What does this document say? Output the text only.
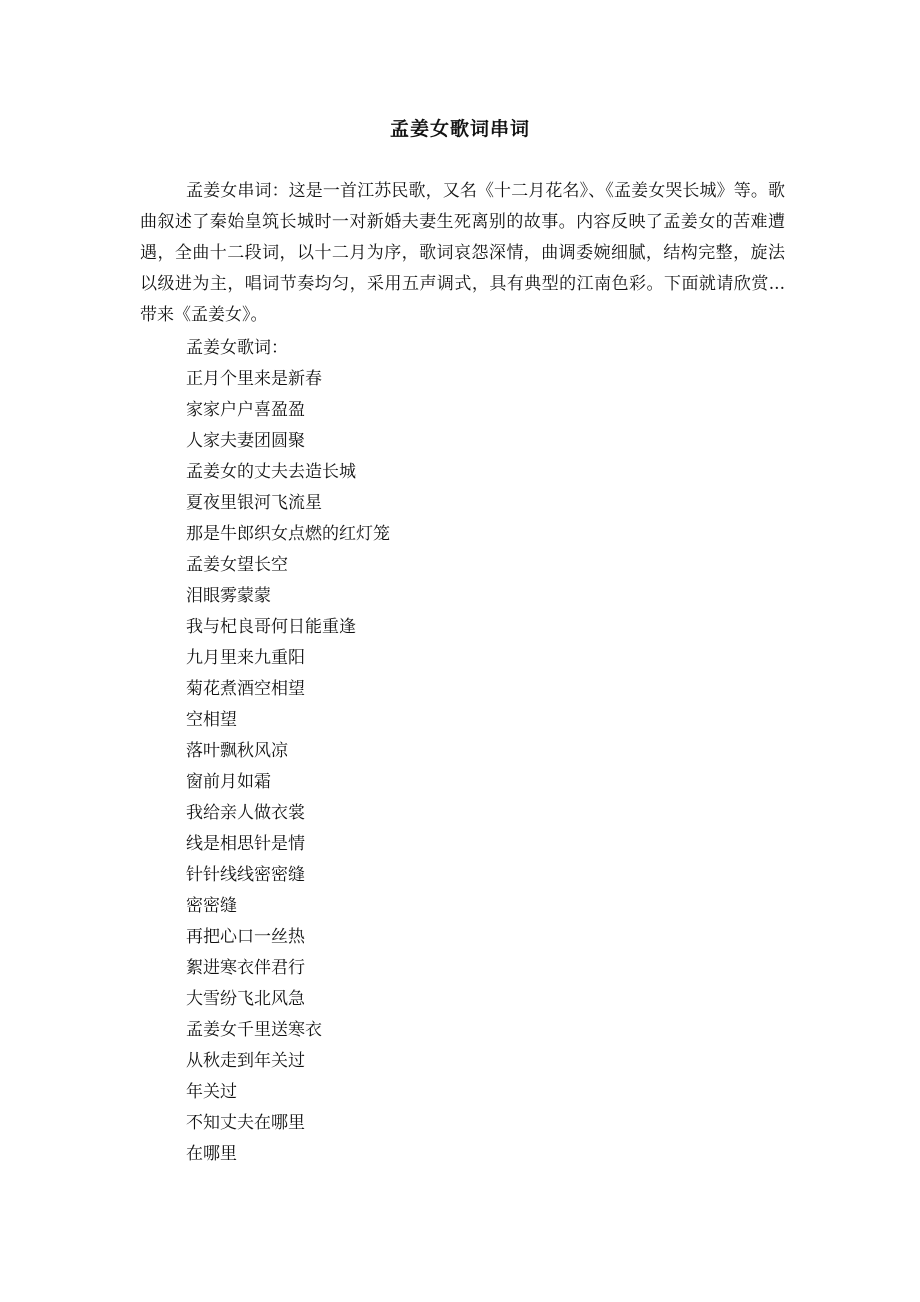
孟姜女歌词串词

孟姜女串词：这是一首江苏民歌，又名《十二月花名》、《孟姜女哭长城》等。歌曲叙述了秦始皇筑长城时一对新婚夫妻生死离别的故事。内容反映了孟姜女的苦难遭遇，全曲十二段词，以十二月为序，歌词哀怨深情，曲调委婉细腻，结构完整，旋法以级进为主，唱词节奏均匀，采用五声调式，具有典型的江南色彩。下面就请欣赏...带来《孟姜女》。

孟姜女歌词：
正月个里来是新春
家家户户喜盈盈
人家夫妻团圆聚
孟姜女的丈夫去造长城
夏夜里银河飞流星
那是牛郎织女点燃的红灯笼
孟姜女望长空
泪眼雾蒙蒙
我与杞良哥何日能重逢
九月里来九重阳
菊花煮酒空相望
空相望
落叶飘秋风凉
窗前月如霜
我给亲人做衣裳
线是相思针是情
针针线线密密缝
密密缝
再把心口一丝热
絮进寒衣伴君行
大雪纷飞北风急
孟姜女千里送寒衣
从秋走到年关过
年关过
不知丈夫在哪里
在哪里
